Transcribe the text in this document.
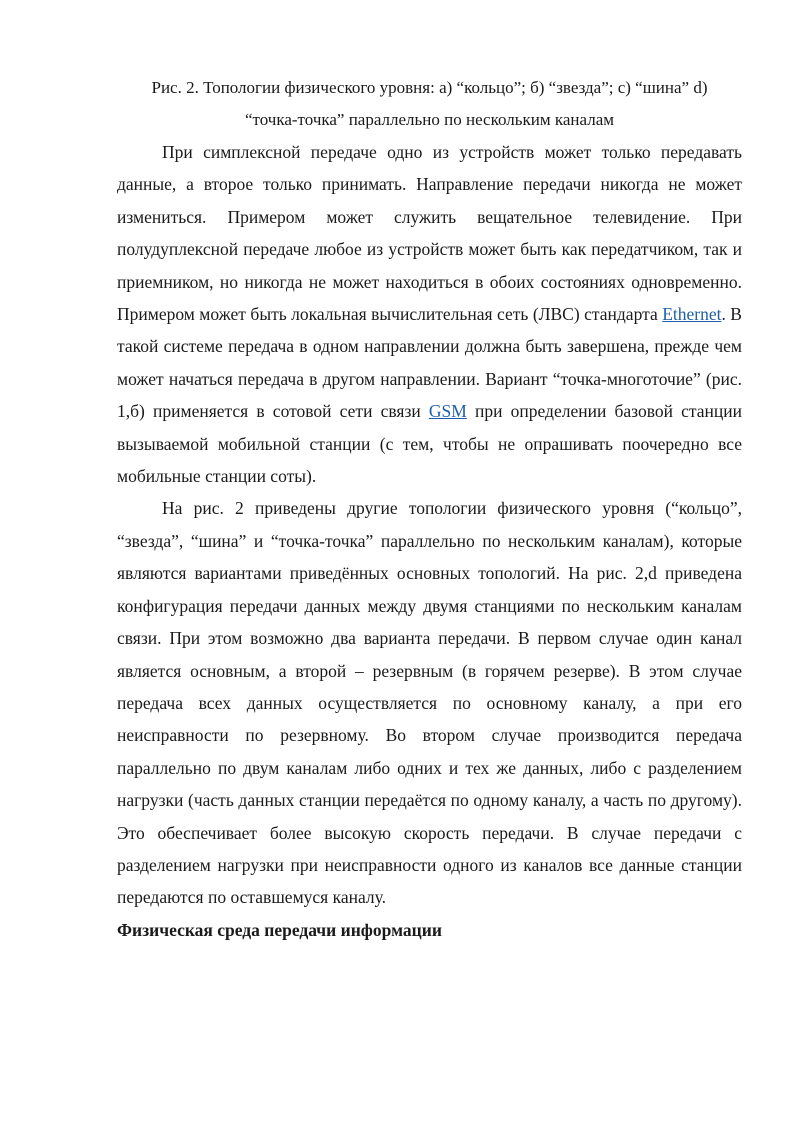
Рис. 2. Топологии физического уровня: а) “кольцо”; б) “звезда”; с) “шина” d)
“точка-точка” параллельно по нескольким каналам

При симплексной передаче одно из устройств может только передавать данные, а второе только принимать. Направление передачи никогда не может измениться. Примером может служить вещательное телевидение. При полудуплексной передаче любое из устройств может быть как передатчиком, так и приемником, но никогда не может находиться в обоих состояниях одновременно. Примером может быть локальная вычислительная сеть (ЛВС) стандарта Ethernet. В такой системе передача в одном направлении должна быть завершена, прежде чем может начаться передача в другом направлении. Вариант “точка-многоточие” (рис. 1,б) применяется в сотовой сети связи GSM при определении базовой станции вызываемой мобильной станции (с тем, чтобы не опрашивать поочередно все мобильные станции соты).

На рис. 2 приведены другие топологии физического уровня (“кольцо”, “звезда”, “шина” и “точка-точка” параллельно по нескольким каналам), которые являются вариантами приведённых основных топологий. На рис. 2,d приведена конфигурация передачи данных между двумя станциями по нескольким каналам связи. При этом возможно два варианта передачи. В первом случае один канал является основным, а второй – резервным (в горячем резерве). В этом случае передача всех данных осуществляется по основному каналу, а при его неисправности по резервному. Во втором случае производится передача параллельно по двум каналам либо одних и тех же данных, либо с разделением нагрузки (часть данных станции передаётся по одному каналу, а часть по другому). Это обеспечивает более высокую скорость передачи. В случае передачи с разделением нагрузки при неисправности одного из каналов все данные станции передаются по оставшемуся каналу.

Физическая среда передачи информации
